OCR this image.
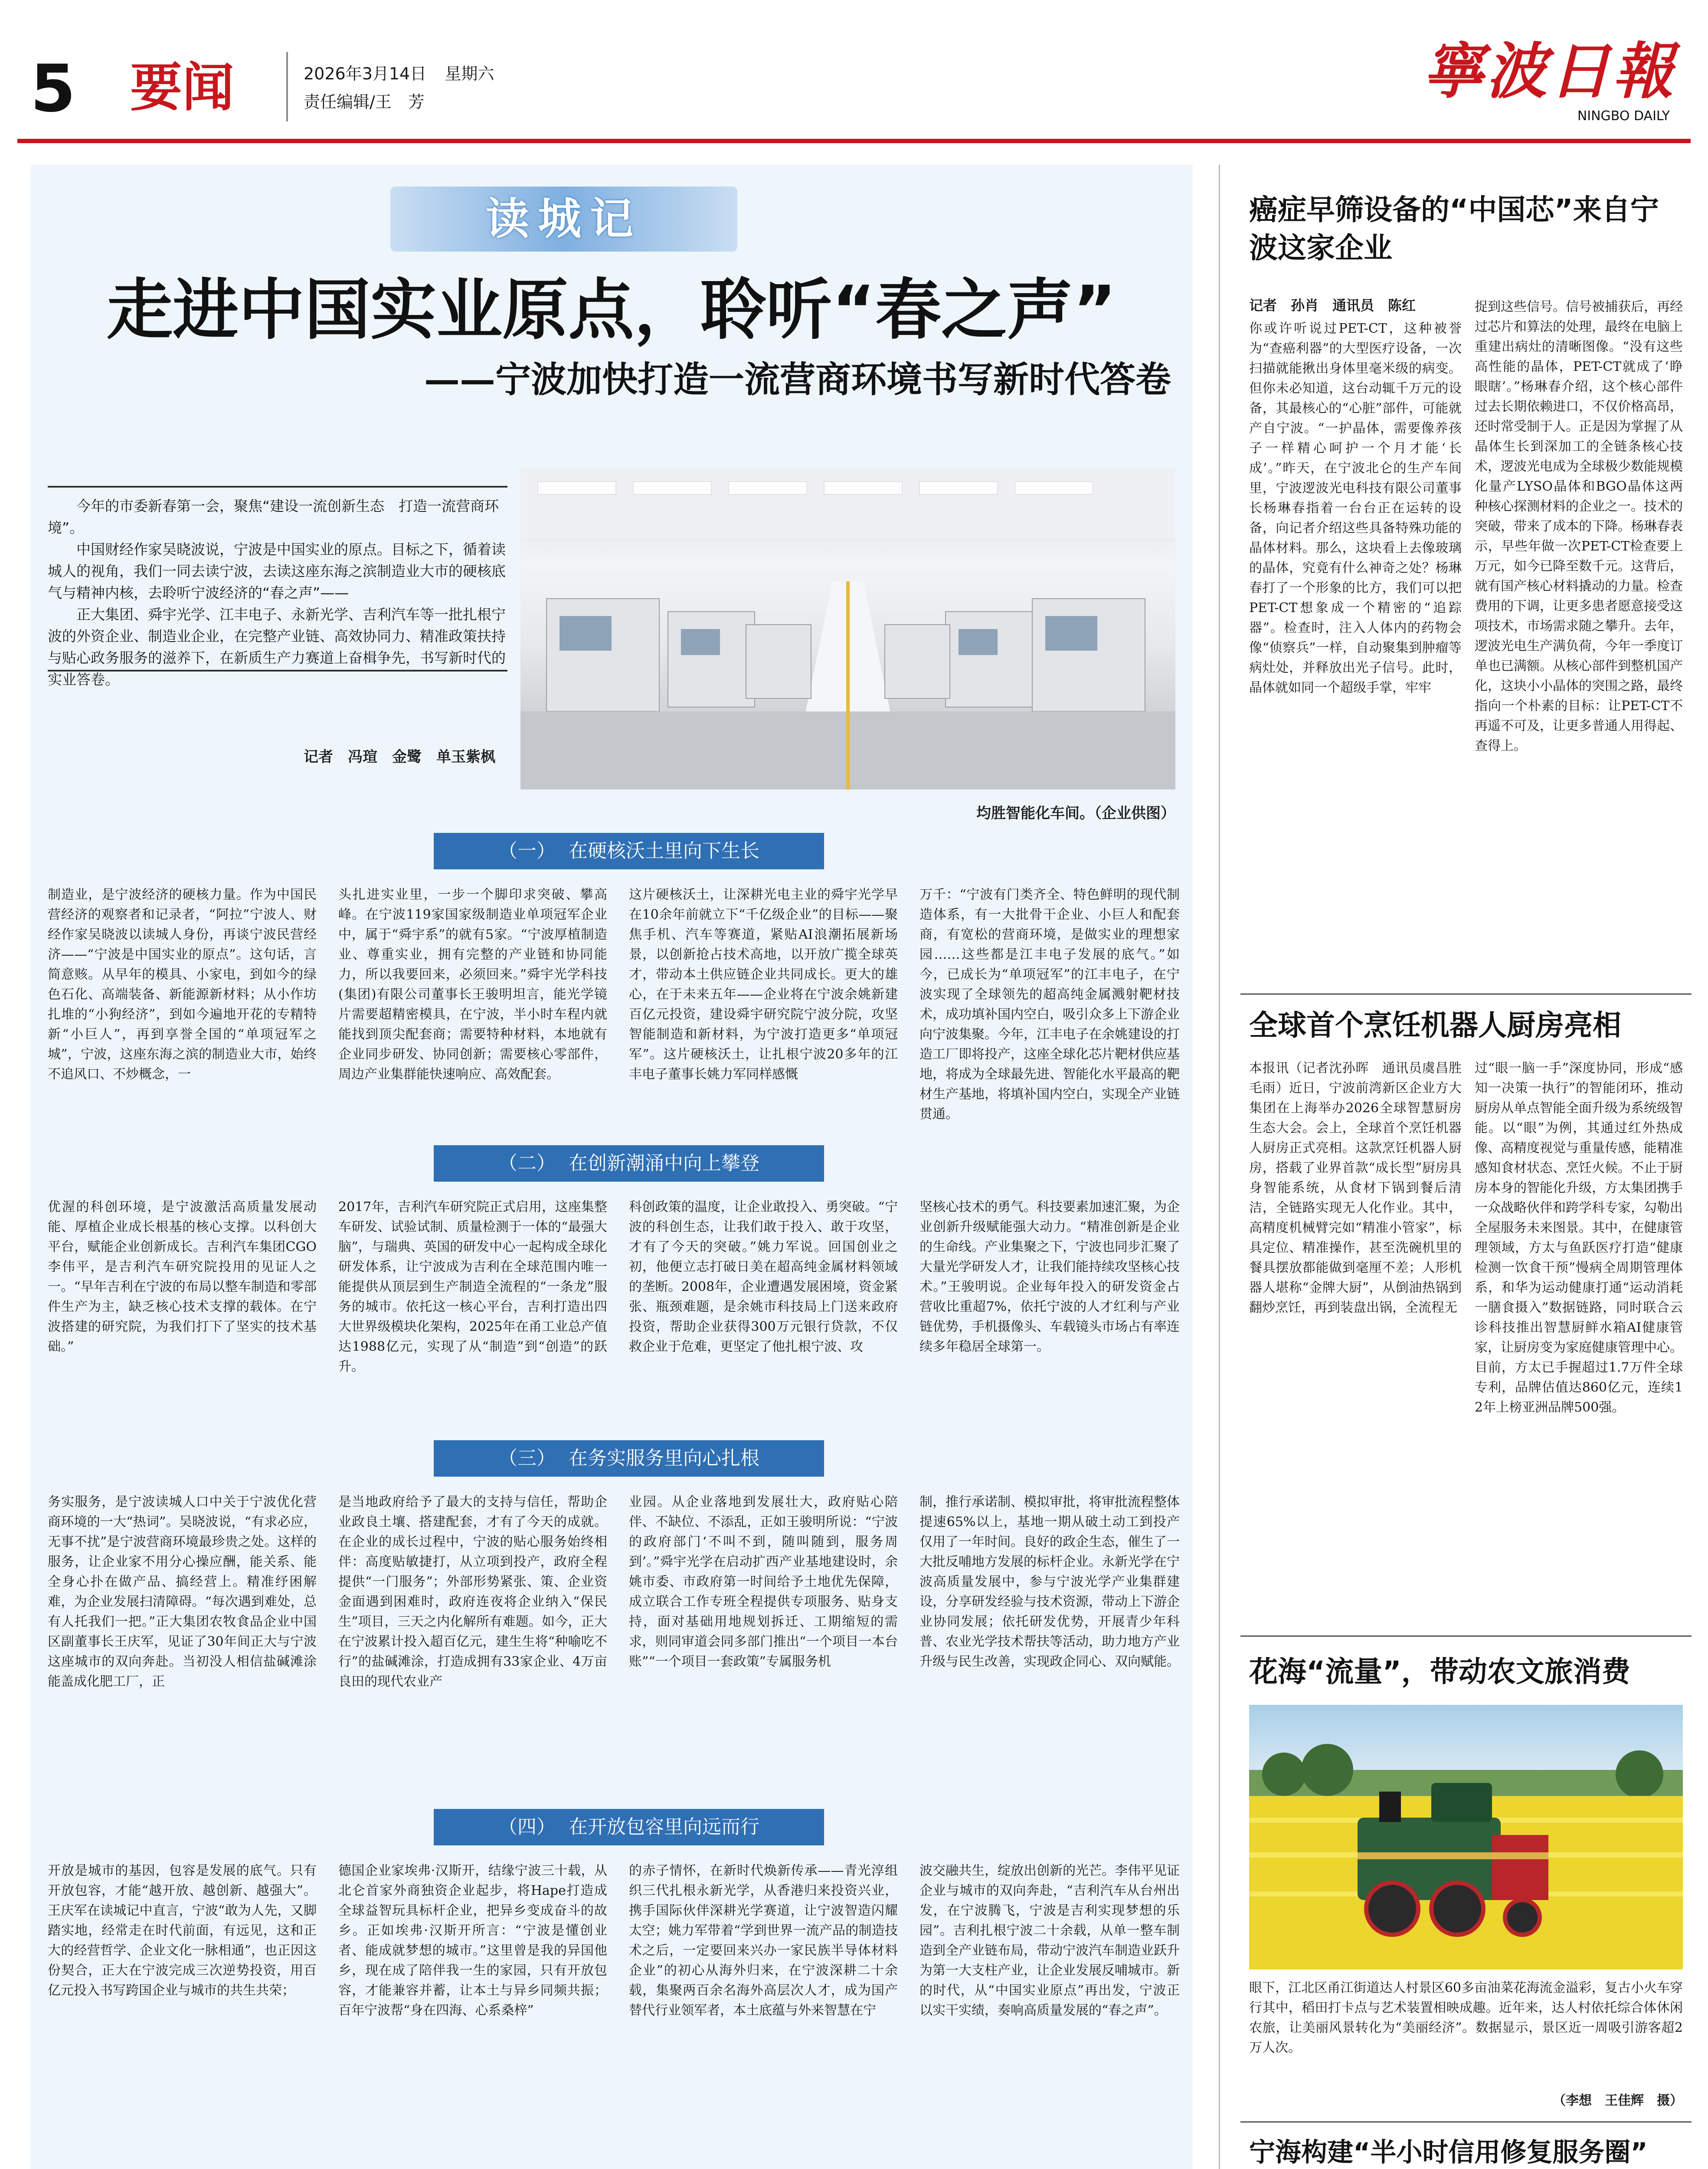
5 要闻	2026年3月14日 星期六
责任编辑/王　芳	寧波日報
NINGBO DAILY
读城记
走进中国实业原点，聆听“春之声”
——宁波加快打造一流营商环境书写新时代答卷
今年的市委新春第一会，聚焦“建设一流创新生态　打造一流营商环境”。
中国财经作家吴晓波说，宁波是中国实业的原点。目标之下，循着读城人的视角，我们一同去读宁波，去读这座东海之滨制造业大市的硬核底气与精神内核，去聆听宁波经济的“春之声”——
正大集团、舜宇光学、江丰电子、永新光学、吉利汽车等一批扎根宁波的外资企业、制造业企业，在完整产业链、高效协同力、精准政策扶持与贴心政务服务的滋养下，在新质生产力赛道上奋楫争先，书写新时代的实业答卷。
记者　冯瑄　金鹭　单玉紫枫
均胜智能化车间。（企业供图）
（一） 在硬核沃土里向下生长
制造业，是宁波经济的硬核力量。作为中国民营经济的观察者和记录者，“阿拉”宁波人、财经作家吴晓波以读城人身份，再谈宁波民营经济——“宁波是中国实业的原点”。这句话，言简意赅。从早年的模具、小家电，到如今的绿色石化、高端装备、新能源新材料；从小作坊扎堆的“小狗经济”，到如今遍地开花的专精特新“小巨人”，再到享誉全国的“单项冠军之城”，宁波，这座东海之滨的制造业大市，始终不追风口、不炒概念，一
头扎进实业里，一步一个脚印求突破、攀高峰。在宁波119家国家级制造业单项冠军企业中，属于“舜宇系”的就有5家。“宁波厚植制造业、尊重实业，拥有完整的产业链和协同能力，所以我要回来，必须回来。”舜宇光学科技(集团)有限公司董事长王骏明坦言，能光学镜片需要超精密模具，在宁波，半小时车程内就能找到顶尖配套商；需要特种材料，本地就有企业同步研发、协同创新；需要核心零部件，周边产业集群能快速响应、高效配套。
这片硬核沃土，让深耕光电主业的舜宇光学早在10余年前就立下“千亿级企业”的目标——聚焦手机、汽车等赛道，紧贴AI浪潮拓展新场景，以创新抢占技术高地，以开放广揽全球英才，带动本土供应链企业共同成长。更大的雄心，在于未来五年——企业将在宁波余姚新建百亿元投资，建设舜宇研究院宁波分院，攻坚智能制造和新材料，为宁波打造更多“单项冠军”。这片硬核沃土，让扎根宁波20多年的江丰电子董事长姚力军同样感慨
万千：“宁波有门类齐全、特色鲜明的现代制造体系，有一大批骨干企业、小巨人和配套商，有宽松的营商环境，是做实业的理想家园……这些都是江丰电子发展的底气。”如今，已成长为“单项冠军”的江丰电子，在宁波实现了全球领先的超高纯金属溅射靶材技术，成功填补国内空白，吸引众多上下游企业向宁波集聚。今年，江丰电子在余姚建设的打造工厂即将投产，这座全球化芯片靶材供应基地，将成为全球最先进、智能化水平最高的靶材生产基地，将填补国内空白，实现全产业链贯通。
（二） 在创新潮涌中向上攀登
优渥的科创环境，是宁波激活高质量发展动能、厚植企业成长根基的核心支撑。以科创大平台，赋能企业创新成长。吉利汽车集团CGO李伟平，是吉利汽车研究院投用的见证人之一。“早年吉利在宁波的布局以整车制造和零部件生产为主，缺乏核心技术支撑的载体。在宁波搭建的研究院，为我们打下了坚实的技术基础。”
2017年，吉利汽车研究院正式启用，这座集整车研发、试验试制、质量检测于一体的“最强大脑”，与瑞典、英国的研发中心一起构成全球化研发体系，让宁波成为吉利在全球范围内唯一能提供从顶层到生产制造全流程的“一条龙”服务的城市。依托这一核心平台，吉利打造出四大世界级模块化架构，2025年在甬工业总产值达1988亿元，实现了从“制造”到“创造”的跃升。
科创政策的温度，让企业敢投入、勇突破。“宁波的科创生态，让我们敢于投入、敢于攻坚，才有了今天的突破。”姚力军说。回国创业之初，他便立志打破日美在超高纯金属材料领域的垄断。2008年，企业遭遇发展困境，资金紧张、瓶颈难题，是余姚市科技局上门送来政府投资，帮助企业获得300万元银行贷款，不仅救企业于危难，更坚定了他扎根宁波、攻
坚核心技术的勇气。科技要素加速汇聚，为企业创新升级赋能强大动力。“精准创新是企业的生命线。产业集聚之下，宁波也同步汇聚了大量光学研发人才，让我们能持续攻坚核心技术。”王骏明说。企业每年投入的研发资金占营收比重超7%，依托宁波的人才红利与产业链优势，手机摄像头、车载镜头市场占有率连续多年稳居全球第一。
（三） 在务实服务里向心扎根
务实服务，是宁波读城人口中关于宁波优化营商环境的一大“热词”。吴晓波说，“有求必应，无事不扰”是宁波营商环境最珍贵之处。这样的服务，让企业家不用分心操应酬，能关系、能全身心扑在做产品、搞经营上。精准纾困解难，为企业发展扫清障碍。“每次遇到难处，总有人托我们一把。”正大集团农牧食品企业中国区副董事长王庆军，见证了30年间正大与宁波这座城市的双向奔赴。当初没人相信盐碱滩涂能盖成化肥工厂，正
是当地政府给予了最大的支持与信任，帮助企业政良土壤、搭建配套，才有了今天的成就。在企业的成长过程中，宁波的贴心服务始终相伴：高度贴敏捷打，从立项到投产，政府全程提供“一门服务”；外部形势紧张、策、企业资金面遇到困难时，政府连夜将企业纳入“保民生”项目，三天之内化解所有难题。如今，正大在宁波累计投入超百亿元，建生生将“种喻吃不行”的盐碱滩涂，打造成拥有33家企业、4万亩良田的现代农业产
业园。从企业落地到发展壮大，政府贴心陪伴、不缺位、不添乱，正如王骏明所说：“宁波的政府部门‘不叫不到，随叫随到，服务周到’。”舜宇光学在启动扩西产业基地建设时，余姚市委、市政府第一时间给予土地优先保障，成立联合工作专班全程提供专项服务、贴身支持，面对基础用地规划拆迁、工期缩短的需求，则同审道会同多部门推出“一个项目一本台账”“一个项目一套政策”专属服务机
制，推行承诺制、模拟审批，将审批流程整体提速65%以上，基地一期从破土动工到投产仅用了一年时间。良好的政企生态，催生了一大批反哺地方发展的标杆企业。永新光学在宁波高质量发展中，参与宁波光学产业集群建设，分享研发经验与技术资源，带动上下游企业协同发展；依托研发优势，开展青少年科普、农业光学技术帮扶等活动，助力地方产业升级与民生改善，实现政企同心、双向赋能。
（四） 在开放包容里向远而行
开放是城市的基因，包容是发展的底气。只有开放包容，才能“越开放、越创新、越强大”。王庆军在读城记中直言，宁波“敢为人先，又脚踏实地，经常走在时代前面，有远见，这和正大的经营哲学、企业文化一脉相通”，也正因这份契合，正大在宁波完成三次逆势投资，用百亿元投入书写跨国企业与城市的共生共荣；
德国企业家埃弗·汉斯开，结缘宁波三十载，从北仑首家外商独资企业起步，将Hape打造成全球益智玩具标杆企业，把异乡变成奋斗的故乡。正如埃弗·汉斯开所言：“宁波是懂创业者、能成就梦想的城市。”这里曾是我的异国他乡，现在成了陪伴我一生的家园，只有开放包容，才能兼容并蓄，让本土与异乡同频共振；百年宁波帮“身在四海、心系桑梓”
的赤子情怀，在新时代焕新传承——青光淳组织三代扎根永新光学，从香港归来投资兴业，携手国际伙伴深耕光学赛道，让宁波智造闪耀太空；姚力军带着“学到世界一流产品的制造技术之后，一定要回来兴办一家民族半导体材料企业”的初心从海外归来，在宁波深耕二十余载，集聚两百余名海外高层次人才，成为国产替代行业领军者，本土底蕴与外来智慧在宁
波交融共生，绽放出创新的光芒。李伟平见证企业与城市的双向奔赴，“吉利汽车从台州出发，在宁波腾飞，宁波是吉利实现梦想的乐园”。吉利扎根宁波二十余载，从单一整车制造到全产业链布局，带动宁波汽车制造业跃升为第一大支柱产业，让企业发展反哺城市。新的时代，从“中国实业原点”再出发，宁波正以实干实绩，奏响高质量发展的“春之声”。
癌症早筛设备的“中国芯”来自宁波这家企业
记者　孙肖　通讯员　陈红
你或许听说过PET-CT，这种被誉为“查癌利器”的大型医疗设备，一次扫描就能揪出身体里毫米级的病变。但你未必知道，这台动辄千万元的设备，其最核心的“心脏”部件，可能就产自宁波。“一护晶体，需要像养孩子一样精心呵护一个月才能‘长成’。”昨天，在宁波北仑的生产车间里，宁波逻波光电科技有限公司董事长杨琳春指着一台台正在运转的设备，向记者介绍这些具备特殊功能的晶体材料。那么，这块看上去像玻璃的晶体，究竟有什么神奇之处？杨琳春打了一个形象的比方，我们可以把PET-CT想象成一个精密的“追踪器”。检查时，注入人体内的药物会像“侦察兵”一样，自动聚集到肿瘤等病灶处，并释放出光子信号。此时，晶体就如同一个超级手掌，牢牢
捉到这些信号。信号被捕获后，再经过芯片和算法的处理，最终在电脑上重建出病灶的清晰图像。“没有这些高性能的晶体，PET-CT就成了‘睁眼瞎’。”杨琳春介绍，这个核心部件过去长期依赖进口，不仅价格高昂，还时常受制于人。正是因为掌握了从晶体生长到深加工的全链条核心技术，逻波光电成为全球极少数能规模化量产LYSO晶体和BGO晶体这两种核心探测材料的企业之一。技术的突破，带来了成本的下降。杨琳春表示，早些年做一次PET-CT检查要上万元，如今已降至数千元。这背后，就有国产核心材料撬动的力量。检查费用的下调，让更多患者愿意接受这项技术，市场需求随之攀升。去年，逻波光电生产满负荷，今年一季度订单也已满额。从核心部件到整机国产化，这块小小晶体的突围之路，最终指向一个朴素的目标：让PET-CT不再遥不可及，让更多普通人用得起、查得上。
全球首个烹饪机器人厨房亮相
本报讯（记者沈孙晖　通讯员虞昌胜　毛雨）近日，宁波前湾新区企业方大集团在上海举办2026全球智慧厨房生态大会。会上，全球首个烹饪机器人厨房正式亮相。这款烹饪机器人厨房，搭载了业界首款“成长型”厨房具身智能系统，从食材下锅到餐后清洁，全链路实现无人化作业。其中，高精度机械臂完如“精准小管家”，标具定位、精准操作，甚至洗碗机里的餐具摆放都能做到毫厘不差；人形机器人堪称“金牌大厨”，从倒油热锅到翻炒烹饪，再到装盘出锅，全流程无
过“眼一脑一手”深度协同，形成“感知一决策一执行”的智能闭环，推动厨房从单点智能全面升级为系统级智能。以“眼”为例，其通过红外热成像、高精度视觉与重量传感，能精准感知食材状态、烹饪火候。不止于厨房本身的智能化升级，方太集团携手一众战略伙伴和跨学科专家，勾勒出全屋服务未来图景。其中，在健康管理领域，方太与鱼跃医疗打造“健康检测一饮食干预”慢病全周期管理体系，和华为运动健康打通“运动消耗一膳食摄入”数据链路，同时联合云诊科技推出智慧厨鲜水箱AI健康管家，让厨房变为家庭健康管理中心。目前，方太已手握超过1.7万件全球专利，品牌估值达860亿元，连续12年上榜亚洲品牌500强。
花海“流量”，带动农文旅消费
眼下，江北区甬江街道达人村景区60多亩油菜花海流金溢彩，复古小火车穿行其中，稻田打卡点与艺术装置相映成趣。近年来，达人村依托综合体休闲农旅，让美丽风景转化为“美丽经济”。数据显示，景区近一周吸引游客超2万人次。
（李想　王佳辉　摄）
宁海构建“半小时信用修复服务圈”
